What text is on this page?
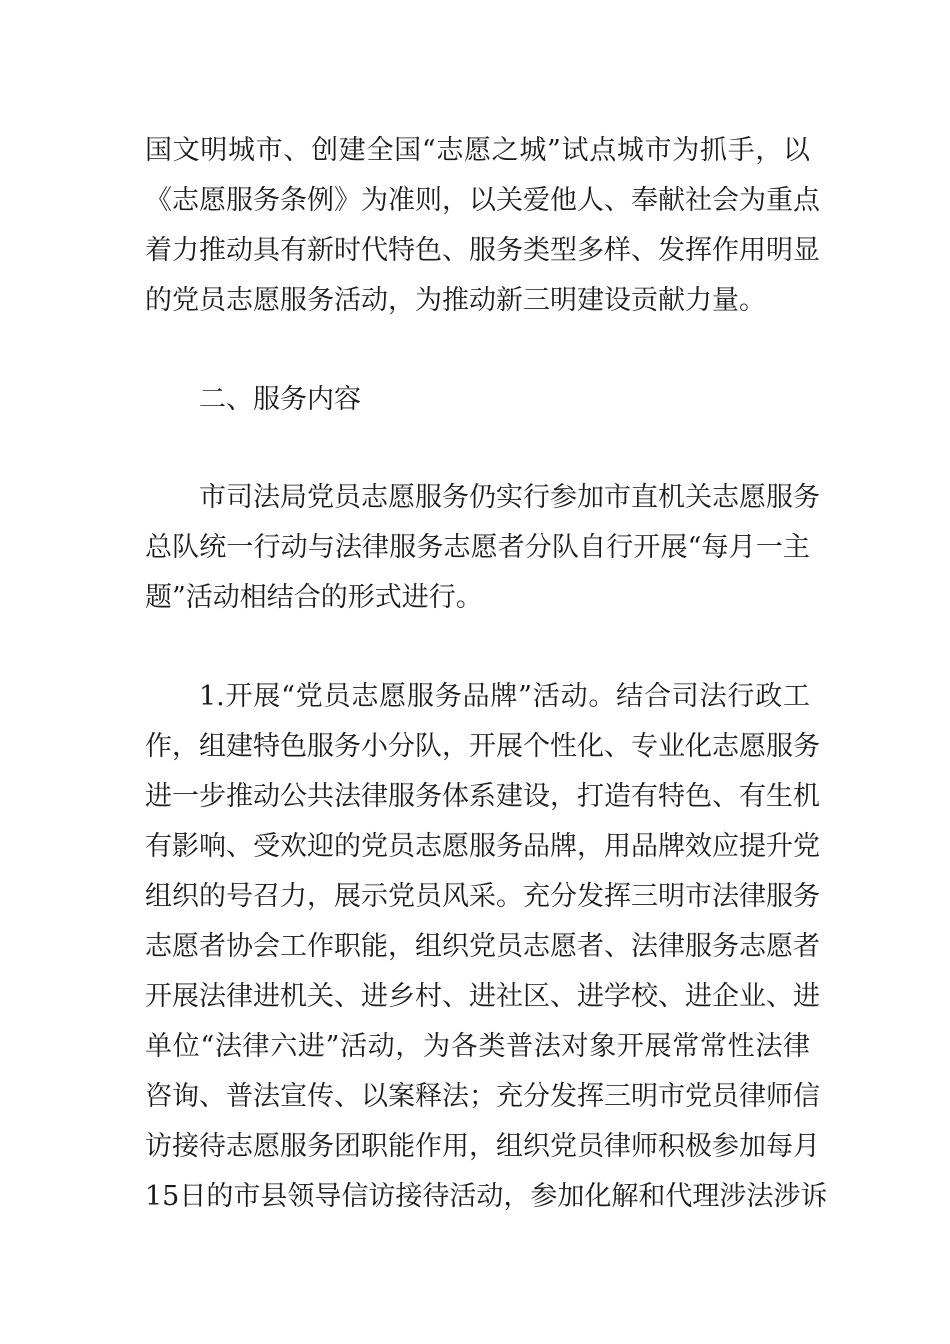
国文明城市、创建全国“志愿之城”试点城市为抓手，以
《志愿服务条例》为准则，以关爱他人、奉献社会为重点
着力推动具有新时代特色、服务类型多样、发挥作用明显
的党员志愿服务活动，为推动新三明建设贡献力量。
二、服务内容
市司法局党员志愿服务仍实行参加市直机关志愿服务
总队统一行动与法律服务志愿者分队自行开展“每月一主
题”活动相结合的形式进行。
1.开展“党员志愿服务品牌”活动。结合司法行政工
作，组建特色服务小分队，开展个性化、专业化志愿服务
进一步推动公共法律服务体系建设，打造有特色、有生机
有影响、受欢迎的党员志愿服务品牌，用品牌效应提升党
组织的号召力，展示党员风采。充分发挥三明市法律服务
志愿者协会工作职能，组织党员志愿者、法律服务志愿者
开展法律进机关、进乡村、进社区、进学校、进企业、进
单位“法律六进”活动，为各类普法对象开展常常性法律
咨询、普法宣传、以案释法；充分发挥三明市党员律师信
访接待志愿服务团职能作用，组织党员律师积极参加每月
15日的市县领导信访接待活动，参加化解和代理涉法涉诉
